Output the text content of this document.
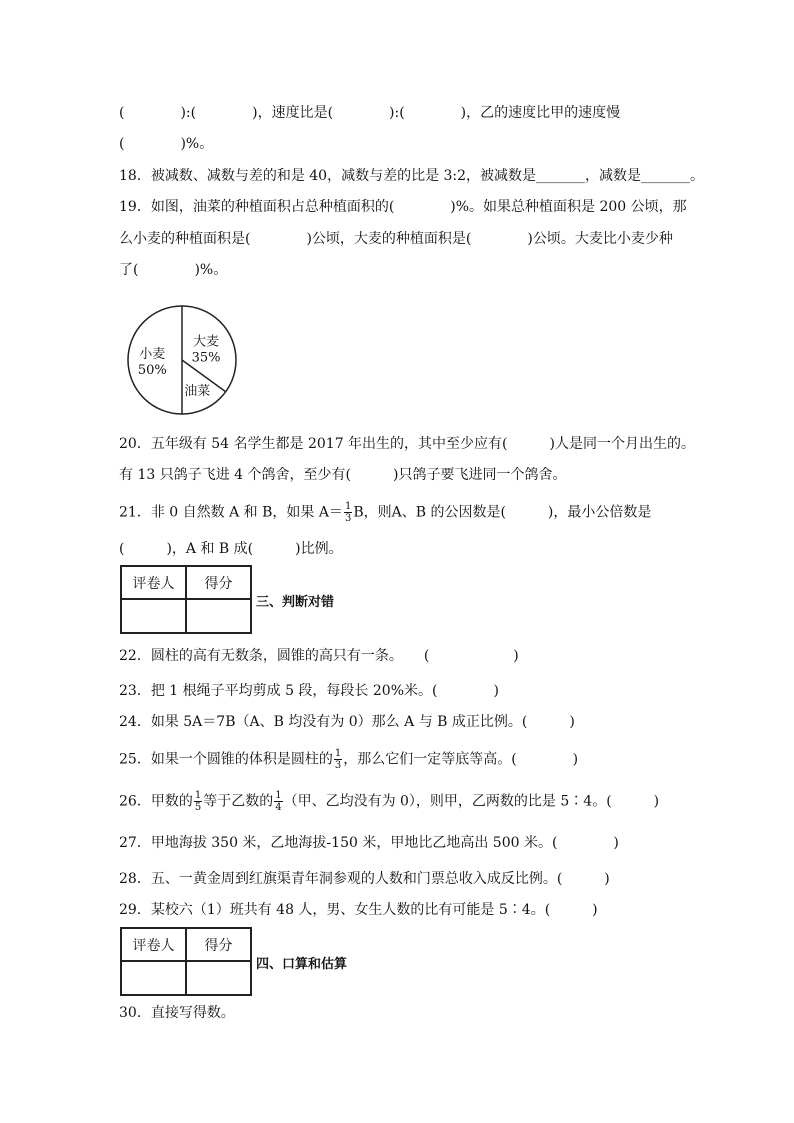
(　　　　):(　　　　)，速度比是(　　　　):(　　　　)，乙的速度比甲的速度慢
(　　　　)%。
18．被减数、减数与差的和是 40，减数与差的比是 3:2，被减数是_______，减数是_______。
19．如图，油菜的种植面积占总种植面积的(　　　　)%。如果总种植面积是 200 公顷，那
么小麦的种植面积是(　　　　)公顷，大麦的种植面积是(　　　　)公顷。大麦比小麦少种
了(　　　　)%。
35%
大麦
油菜
50%
小麦
20．五年级有 54 名学生都是 2017 年出生的，其中至少应有(　　　)人是同一个月出生的。
有 13 只鸽子飞进 4 个鸽舍，至少有(　　　)只鸽子要飞进同一个鸽舍。
21．非 0 自然数 A 和 B，如果 $A= \frac{1}{3}$ B，则A、B 的公因数是(　　　)，最小公倍数是
(　　　)，A 和 B 成(　　　)比例。
评卷人	得分

三、判断对错
22．圆柱的高有无数条，圆锥的高只有一条。　　(　　　　　　)
23．把 1 根绳子平均剪成 5 段，每段长 20%米。(　　　　)
24．如果 5A＝7B（A、B 均没有为 0）那么 A 与 B 成正比例。(　　　)
25．如果一个圆锥的体积是圆柱的 $\frac{1}{3}$ ，那么它们一定等底等高。(　　　　)
26．甲数的 $\frac{1}{5}$ 等于乙数的 $\frac{1}{4}$ （甲、乙均没有为 0），则甲，乙两数的比是 5∶4。(　　　)
27．甲地海拔 350 米，乙地海拔-150 米，甲地比乙地高出 500 米。(　　　　)
28．五、一黄金周到红旗渠青年洞参观的人数和门票总收入成反比例。(　　　)
29．某校六（1）班共有 48 人，男、女生人数的比有可能是 5∶4。(　　　)
评卷人	得分

四、口算和估算
30．直接写得数。
